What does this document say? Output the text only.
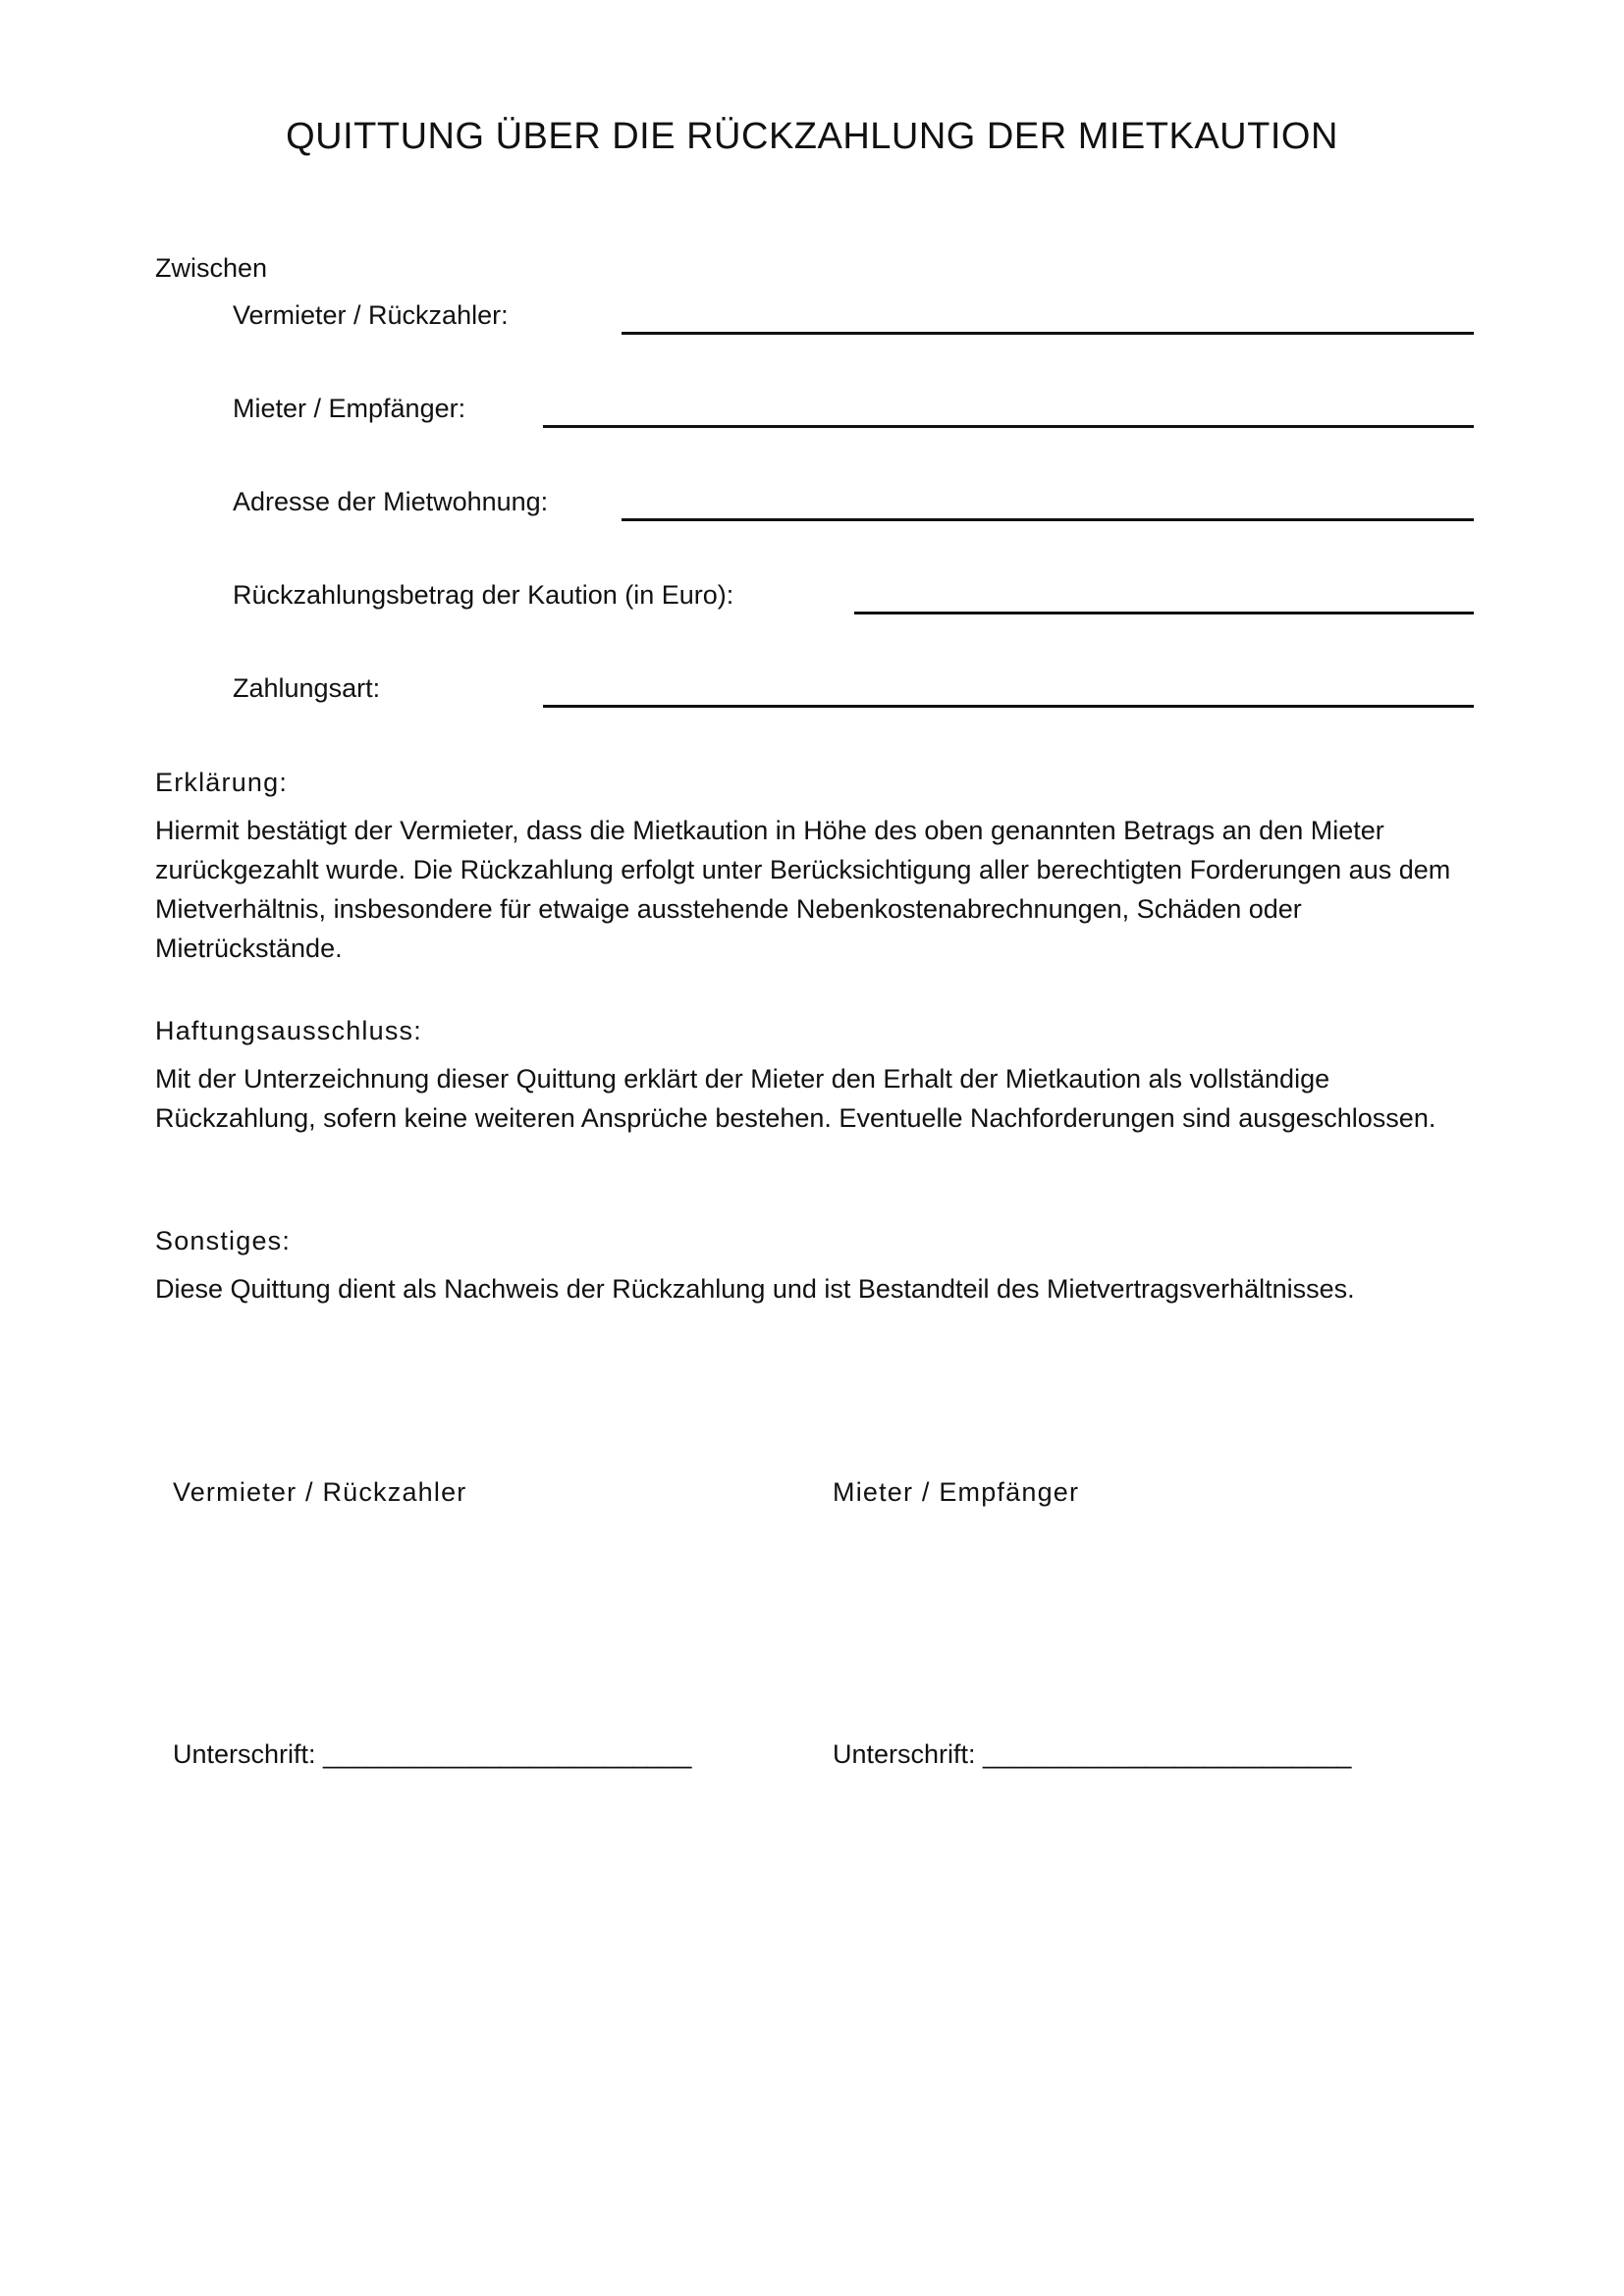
QUITTUNG ÜBER DIE RÜCKZAHLUNG DER MIETKAUTION
Zwischen
Vermieter / Rückzahler:
Mieter / Empfänger:
Adresse der Mietwohnung:
Rückzahlungsbetrag der Kaution (in Euro):
Zahlungsart:
Erklärung:
Hiermit bestätigt der Vermieter, dass die Mietkaution in Höhe des oben genannten Betrags an den Mieter zurückgezahlt wurde. Die Rückzahlung erfolgt unter Berücksichtigung aller berechtigten Forderungen aus dem Mietverhältnis, insbesondere für etwaige ausstehende Nebenkostenabrechnungen, Schäden oder Mietrückstände.
Haftungsausschluss:
Mit der Unterzeichnung dieser Quittung erklärt der Mieter den Erhalt der Mietkaution als vollständige Rückzahlung, sofern keine weiteren Ansprüche bestehen. Eventuelle Nachforderungen sind ausgeschlossen.
Sonstiges:
Diese Quittung dient als Nachweis der Rückzahlung und ist Bestandteil des Mietvertragsverhältnisses.
Vermieter / Rückzahler	Mieter / Empfänger
Unterschrift: _________________________	Unterschrift: _________________________
